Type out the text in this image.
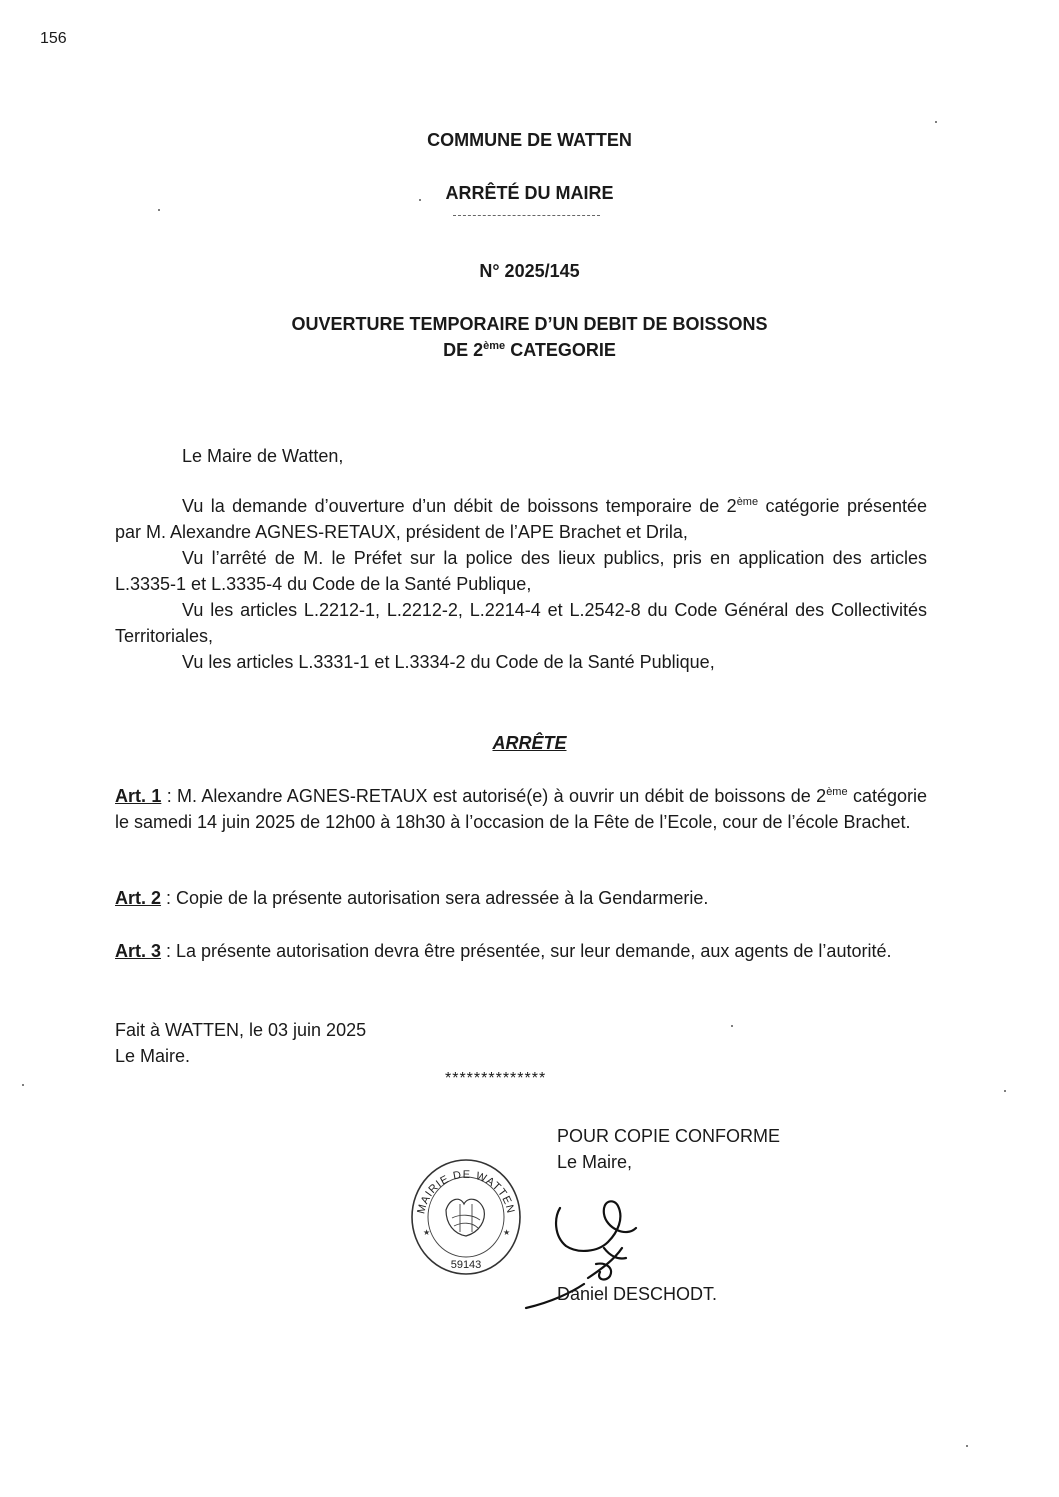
156
COMMUNE DE WATTEN
ARRÊTÉ DU MAIRE
N° 2025/145
OUVERTURE TEMPORAIRE D’UN DEBIT DE BOISSONS
DE 2ème CATEGORIE
Le Maire de Watten,

Vu la demande d’ouverture d’un débit de boissons temporaire de 2ème catégorie présentée par M. Alexandre AGNES-RETAUX, président de l’APE Brachet et Drila,

Vu l’arrêté de M. le Préfet sur la police des lieux publics, pris en application des articles L.3335-1 et L.3335-4 du Code de la Santé Publique,

Vu les articles L.2212-1, L.2212-2, L.2214-4 et L.2542-8 du Code Général des Collectivités Territoriales,

Vu les articles L.3331-1 et L.3334-2 du Code de la Santé Publique,

ARRÊTE

Art. 1 : M. Alexandre AGNES-RETAUX est autorisé(e) à ouvrir un débit de boissons de 2ème catégorie le samedi 14 juin 2025 de 12h00 à 18h30 à l’occasion de la Fête de l’Ecole, cour de l’école Brachet.

Art. 2 : Copie de la présente autorisation sera adressée à la Gendarmerie.

Art. 3 : La présente autorisation devra être présentée, sur leur demande, aux agents de l’autorité.

Fait à WATTEN, le 03 juin 2025
Le Maire.
**************
POUR COPIE CONFORME
Le Maire,
MAIRIE DE WATTEN
★	★
59143
Daniel DESCHODT.
